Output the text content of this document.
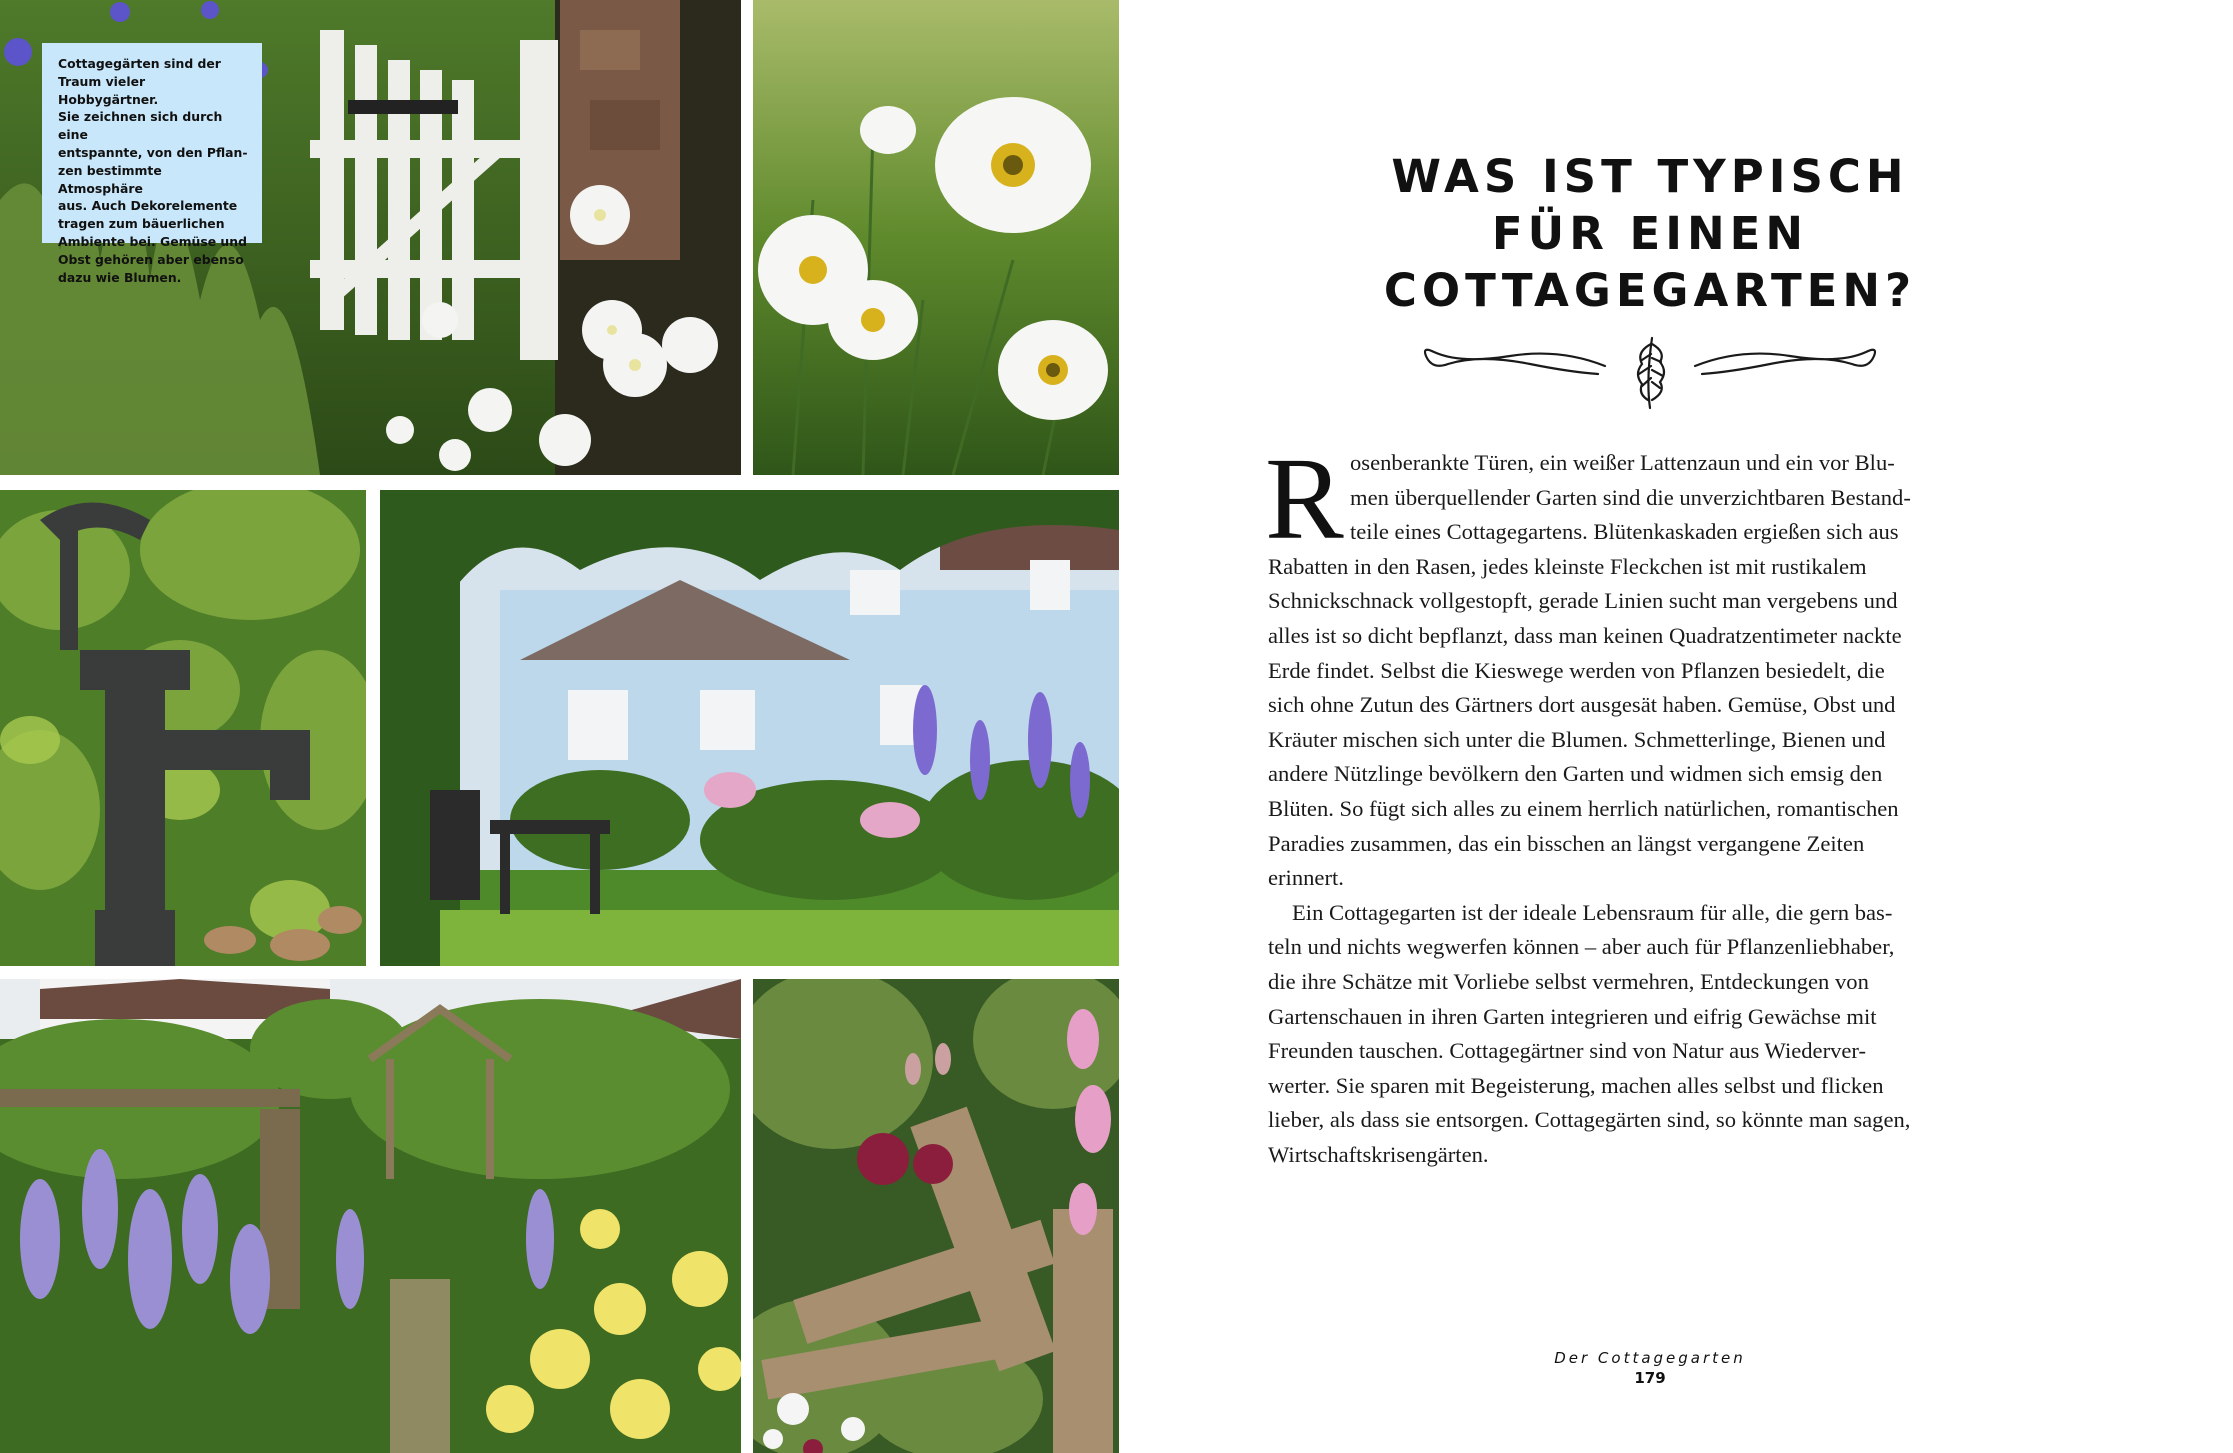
Cottagegärten sind der
Traum vieler Hobbygärtner.
Sie zeichnen sich durch eine
entspannte, von den Pflan-
zen bestimmte Atmosphäre
aus. Auch Dekorelemente
tragen zum bäuerlichen
Ambiente bei. Gemüse und
Obst gehören aber ebenso
dazu wie Blumen.
WAS IST TYPISCH
FÜR EINEN
COTTAGEGARTEN?
R osenberankte Türen, ein weißer Lattenzaun und ein vor Blu-
men überquellender Garten sind die unverzichtbaren Bestand-
teile eines Cottagegartens. Blütenkaskaden ergießen sich aus
Rabatten in den Rasen, jedes kleinste Fleckchen ist mit rustikalem
Schnickschnack vollgestopft, gerade Linien sucht man vergebens und
alles ist so dicht bepflanzt, dass man keinen Quadratzentimeter nackte
Erde findet. Selbst die Kieswege werden von Pflanzen besiedelt, die
sich ohne Zutun des Gärtners dort ausgesät haben. Gemüse, Obst und
Kräuter mischen sich unter die Blumen. Schmetterlinge, Bienen und
andere Nützlinge bevölkern den Garten und widmen sich emsig den
Blüten. So fügt sich alles zu einem herrlich natürlichen, romantischen
Paradies zusammen, das ein bisschen an längst vergangene Zeiten
erinnert.

Ein Cottagegarten ist der ideale Lebensraum für alle, die gern bas-
teln und nichts wegwerfen können – aber auch für Pflanzenliebhaber,
die ihre Schätze mit Vorliebe selbst vermehren, Entdeckungen von
Gartenschauen in ihren Garten integrieren und eifrig Gewächse mit
Freunden tauschen. Cottagegärtner sind von Natur aus Wiederver-
werter. Sie sparen mit Begeisterung, machen alles selbst und flicken
lieber, als dass sie entsorgen. Cottagegärten sind, so könnte man sagen,
Wirtschaftskrisengärten.

Der Cottagegarten
179
